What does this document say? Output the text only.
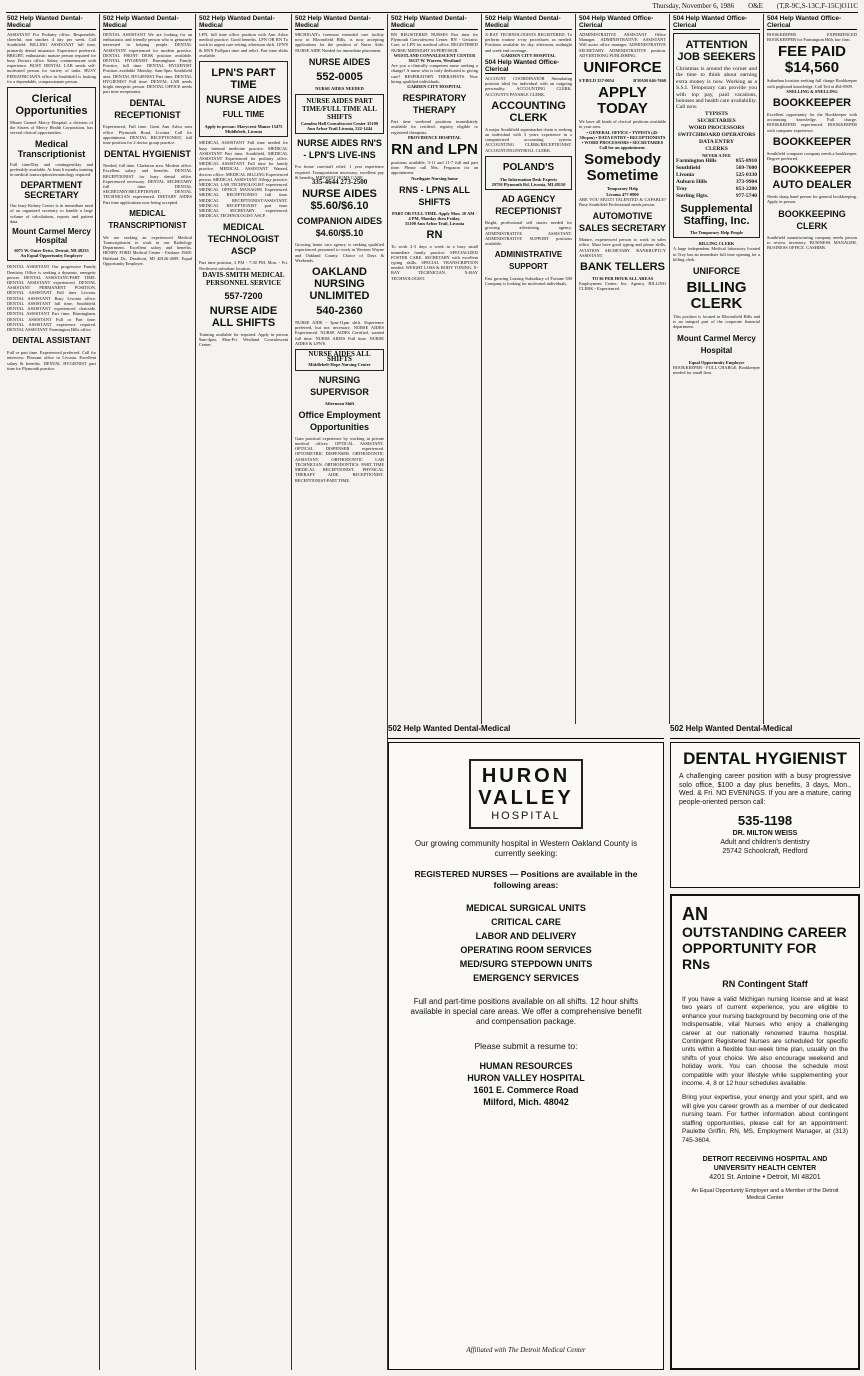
Thursday, November 6, 1986 O&E (T,R-9C,S-13C,F-15C)O11C
502 Help Wanted Dental-Medical
ASSISTANT For Podiatry office. Responsible, cheerful, non smoker. 4 day per week. Call Southfield. BILLING ASSISTANT full time, primarily dental insurance. Experience preferred. BRIGHT, enthusiastic mature person required for busy Doctors office. Salary commensurate with experience. BUSY DENTAL LAB needs self-motivated person for variety of tasks. BUSY PEDIATRICIAN'S office in Southfield is looking for a dependable, compassionate person.
Clerical Opportunities
Mount Carmel Mercy Hospital, a division of the Sisters of Mercy Health Corporation, has several clerical opportunities.
Medical Transcriptionist
Full time/Day and contingent/day and preferably available. At least 6 months training in medical transcription/terminology required.
DEPARTMENT SECRETARY
Our busy Kidney Center is in immediate need of an organized secretary to handle a large volume of calculations, reports and patient data.
Mount Carmel Mercy Hospital
6071 W. Outer Drive, Detroit, MI 48235
An Equal Opportunity Employer
DENTAL ASSISTANT Our progressive Family Dentistry Office is seeking a dynamic, energetic person. DENTAL ASSISTANT/PART TIME. DENTAL ASSISTANT experienced. DENTAL ASSISTANT PERMANENT POSITION. DENTAL ASSISTANT Full time Livonia. DENTAL ASSISTANT Busy Livonia office. DENTAL ASSISTANT full time, Southfield. DENTAL ASSISTANT experienced chairside. DENTAL ASSISTANT Part time, Birmingham. DENTAL ASSISTANT Full or Part time. DENTAL ASSISTANT experience required. DENTAL ASSISTANT Farmington Hills office.
DENTAL ASSISTANT
Full or part time. Experienced preferred. Call for interview. Pleasant office in Livonia. Excellent salary & benefits. DENTAL HYGIENIST part time for Plymouth practice.
502 Help Wanted Dental-Medical
DENTAL ASSISTANT We are looking for an enthusiastic and friendly person who is genuinely interested in helping people. DENTAL ASSISTANT experienced for modern practice. DENTAL FRONT DESK position available. DENTAL HYGIENIST Birmingham Family Practice, full time. DENTAL HYGIENIST Position available Monday, Sam-5pm Southfield area. DENTAL HYGIENIST Part time. DENTAL HYGIENIST Full time. DENTAL LAB needs bright energetic person. DENTAL OFFICE needs part time receptionist.
DENTAL RECEPTIONIST
Experienced, Full time. Great Ann Arbor area office. Plymouth Road, Livonia. Call for appointment. DENTAL RECEPTIONIST, full time position for 2 doctor group practice.
DENTAL HYGIENIST
Needed, full time. Clarkston area. Modern office. Excellent salary and benefits. DENTAL RECEPTIONIST for busy dental office. Experienced necessary. DENTAL SECRETARY full time. DENTAL SECRETARY/RECEPTIONIST. DENTAL TECHNICIAN experienced. DIETARY AIDES Part time applications now being accepted.
MEDICAL TRANSCRIPTIONIST
We are seeking an experienced Medical Transcriptionist to work in our Radiology Department. Excellent salary and benefits. HENRY FORD Medical Center - Fairlane 19401 Hubbard Dr., Dearborn, MI 48126-2699. Equal Opportunity Employer.
502 Help Wanted Dental-Medical
LPN, full time office position with Ann Arbor medical practice. Good benefits. LPN OR RN To work in urgent care setting, afternoon shift. LPN'S & RN'S Full/part time and relief. Part time shifts available.
LPN'S PART TIME
NURSE AIDES
FULL TIME
Apply in person: Marycrest Manor 15475 Middlebelt, Livonia
MEDICAL ASSISTANT Full time needed for busy internal medicine practice. MEDICAL ASSISTANT Part time, Southfield. MEDICAL ASSISTANT Experienced for podiatry office. MEDICAL ASSISTANT Full time for family practice. MEDICAL ASSISTANT Wanted, doctors office. MEDICAL BILLING Experienced person. MEDICAL ASSISTANT Allergy practice. MEDICAL LAB TECHNOLOGIST experienced. MEDICAL OFFICE MANAGER Experienced. MEDICAL RECEPTIONIST full time. MEDICAL RECEPTIONIST/ASSISTANT. MEDICAL RECEPTIONIST part time. MEDICAL SECRETARY experienced. MEDICAL TECHNOLOGIST ASCP.
MEDICAL TECHNOLOGIST ASCP
Part time position, 2 PM - 7:30 PM, Mon. - Fri. Northwest suburban location.
DAVIS-SMITH MEDICAL PERSONNEL SERVICE
557-7200
NURSE AIDE ALL SHIFTS
Training available for required. Apply in person 9am-4pm, Mon-Fri. Westland Convalescent Center.
502 Help Wanted Dental-Medical
MICHIGAN's foremost extended care facility now in Bloomfield Hills, is now accepting applications for the position of Nurse Aide. NURSE AIDE Needed for immediate placement.
NURSE AIDES
552-0005
NURSE AIDES NEEDED
NURSE AIDES PART TIME/FULL TIME ALL SHIFTS
Camden Hall Convalescent Center 35100 Ann Arbor Trail Livonia, 522-1444
NURSE AIDES RN'S - LPN'S LIVE-INS
For home care/staff relief, 1 year experience required. Transportation necessary, excellent pay & benefits. MIDWEST HOME CARE
335-4644 273-2500
NURSE AIDES $5.60/$6.10
COMPANION AIDES $4.60/$5.10
Growing home care agency is seeking qualified experienced personnel to work in Western Wayne and Oakland County. Choice of Days & Weekends.
OAKLAND NURSING UNLIMITED
540-2360
NURSE AIDE - 3pm-11pm shift. Experience preferred, but not necessary. NURSE AIDES Experienced. NURSE AIDES Certified, wanted full time. NURSE AIDES Full time. NURSE AIDES & LPN'S.
NURSE AIDES ALL SHIFTS
Middlebelt-Hope Nursing Center
NURSING SUPERVISOR
Afternoon Shift
Office Employment Opportunities
Gain practical experience by working in private medical offices. OPTICAL ASSISTANT. OPTICAL DISPENSER experienced. OPTOMETRIC DISPENSER. ORTHODONTIC ASSISTANT. ORTHODONTIC LAB TECHNICIAN. ORTHODONTICS. PART TIME MEDICAL RECEPTIONIST. PHYSICAL THERAPY AIDE. RECEPTIONIST. RECEPTIONIST-PART TIME.
502 Help Wanted Dental-Medical
RN REGISTERED NURSES Part time for Plymouth Convalescent Center. RN - Geriatric Care, or LPN for medical office. REGISTERED NURSE/ MIDNIGHT SUPERVISOR.
WESTLAND CONVALESCENT CENTER
36137 W. Warren, Westland
Are you a clinically competent nurse seeking a change? A nurse who is truly dedicated to giving care? RESPIRATORY THERAPISTS. Now hiring qualified individuals.
GARDEN CITY HOSPITAL
RESPIRATORY THERAPY
Part time weekend positions immediately available for certified, registry eligible or registered therapists.
PROVIDENCE HOSPITAL
RN and LPN
positions available, 3-11 and 11-7 full and part time. Please call Mrs. Ferguson for an appointment.
Northgate Nursing home
RNS - LPNS ALL SHIFTS
PART OR FULL TIME. Apply Mon. 10 AM - 4 PM, Monday thru Friday.
35100 Ann Arbor Trail, Livonia
RN
To work 2-3 days a week in a busy small immediate family practice. SPECIALIZED FOSTER CARE. SECRETARY with excellent typing skills. SPECIAL TRANSCRIPTION needed. WEIGHT LOSS & BODY TONING. X-RAY TECHNICIAN. X-RAY TECHNOLOGIST.
502 Help Wanted Dental-Medical
X-RAY TECHNOLOGISTS REGISTERED. To perform routine x-ray procedures as needed. Positions available for day, afternoon, midnight and week end coverage.
GARDEN CITY HOSPITAL
504 Help Wanted Office-Clerical
ACCOUNT COORDINATOR Stimulating position ideal for individual with an outgoing personality. ACCOUNTING CLERK. ACCOUNTS PAYABLE CLERK.
ACCOUNTING CLERK
A major Southfield supermarket chain is seeking an individual with 3 years experience in a computerized accounting system. ACCOUNTING CLERK/RECEPTIONIST. ACCOUNTING/PAYROLL CLERK.
POLAND'S
The Information Desk Experts
29750 Plymouth Rd. Livonia, MI 48150
AD AGENCY RECEPTIONIST
Bright, professional self starter needed for growing advertising agency. ADMINISTRATIVE ASSISTANT. ADMINISTRATIVE SUPPORT positions available.
ADMINISTRATIVE SUPPORT
Fast growing Leasing Subsidiary of Fortune 500 Company is looking for motivated individuals.
504 Help Wanted Office-Clerical
ADMINISTRATIVE ASSISTANT Office Manager. ADMINISTRATIVE ASSISTANT Will assist office manager. ADMINISTRATIVE SECRETARY. ADMINISTRATIVE position. ADVERTISING PUBLISHING.
UNIFORCE
S'FIELD 357-0054	B'HAM 646-7660
APPLY TODAY
We have all kinds of clerical positions available in your area.
• GENERAL OFFICE • TYPISTS (45-50wpm) • DATA ENTRY • RECEPTIONISTS • WORD PROCESSORS • SECRETARIES
Call for an appointment.
Somebody Sometime
Temporary Help
Livonia 477-0900
ARE YOU MULTI TALENTED & CAPABLE? Busy Southfield Professional needs person.
AUTOMOTIVE SALES SECRETARY
Mature, experienced person to work in sales office. Must have good typing and phone skills. AVIATION SECRETARY. BANKRUPTCY ASSISTANT.
BANK TELLERS
TO $6 PER HOUR ALL AREAS
Employment Center, Inc. Agency. BILLING CLERK - Experienced.
504 Help Wanted Office-Clerical
ATTENTION JOB SEEKERS
Christmas is around the corner and the time to think about earning extra money is now. Working as a S.S.I. Temporary can provide you with top pay, paid vacations, bonuses and health care availability. Call now.
TYPISTS
SECRETARIES
WORD PROCESSORS
SWITCHBOARD OPERATORS
DATA ENTRY
CLERKS
NEVER A FEE
Farmington Hills	855-8910
Southfield	569-7600
Livonia	525-0330
Auburn Hills	373-9904
Troy	853-2200
Sterling Hgts.	977-5740
Supplemental Staffing, Inc.
The Temporary Help People
BILLING CLERK
A large independent Medical laboratory located in Troy has an immediate full time opening for a billing clerk.
UNIFORCE
BILLING CLERK
This position is located in Bloomfield Hills and is an integral part of the corporate financial department.
Mount Carmel Mercy Hospital
Equal Opportunity Employer
BOOKKEEPER - FULL CHARGE. Bookkeeper needed for small firm.
504 Help Wanted Office-Clerical
BOOKKEEPER EXPERIENCED BOOKKEEPER for Farmington Hills law firm.
FEE PAID $14,560
Suburban location seeking full charge Bookkeeper with pegboard knowledge. Call Ted at 464-0909.
SNELLING & SNELLING
BOOKKEEPER
Excellent opportunity for the Bookkeeper with accounting knowledge. Full charge. BOOKKEEPER experienced. BOOKKEEPER with computer experience.
BOOKKEEPER
Southfield computer company needs a bookkeeper. Degree preferred.
BOOKKEEPER
AUTO DEALER
Needs sharp hand person for general bookkeeping. Apply in person.
BOOKKEEPING CLERK
Southfield manufacturing company needs person to review inventory. BUSINESS MANAGER. BUSINESS OFFICE. CASHIER.
502 Help Wanted Dental-Medical
DENTAL HYGIENIST
A challenging career position with a busy progressive solo office, $100 a day plus benefits, 3 days, Mon., Wed. & Fri. NO EVENINGS. If you are a mature, caring people-oriented person call:
535-1198
DR. MILTON WEISS
Adult and children's dentistry
25742 Schoolcraft, Redford
502 Help Wanted Dental-Medical
HURON
VALLEY
HOSPITAL
Our growing community hospital in Western Oakland County is currently seeking:
REGISTERED NURSES — Positions are available in the following areas:
MEDICAL SURGICAL UNITS
CRITICAL CARE
LABOR AND DELIVERY
OPERATING ROOM SERVICES
MED/SURG STEPDOWN UNITS
EMERGENCY SERVICES
Full and part-time positions available on all shifts. 12 hour shifts available in special care areas. We offer a comprehensive benefit and compensation package.
Please submit a resume to:
HUMAN RESOURCES
HURON VALLEY HOSPITAL
1601 E. Commerce Road
Milford, Mich. 48042
Affiliated with The Detroit Medical Center
AN
OUTSTANDING CAREER OPPORTUNITY FOR RNs
RN Contingent Staff
If you have a valid Michigan nursing license and at least two years of current experience, you are eligible to enhance your nursing background by becoming one of the Indispensable, vital Nurses who enjoy a challenging career at our nationally renowned trauma hospital. Contingent Registered Nurses are scheduled for specific units within a flexible four-week time plan, usually on the shifts of your choice. We also encourage weekend and holiday work. You can choose the schedule most compatible with your lifestyle while supplementing your income. 4, 8 or 12 hour schedules available.
Bring your expertise, your energy and your spirit, and we will give you career growth as a member of our dedicated nursing team. For further information about contingent staffing opportunities, please call for an appointment: Paulette Griffin, RN, MS, Employment Manager, at (313) 745-3604.
DETROIT RECEIVING HOSPITAL AND UNIVERSITY HEALTH CENTER
4201 St. Antoine • Detroit, MI 48201
An Equal Opportunity Employer and a Member of the Detroit Medical Center
